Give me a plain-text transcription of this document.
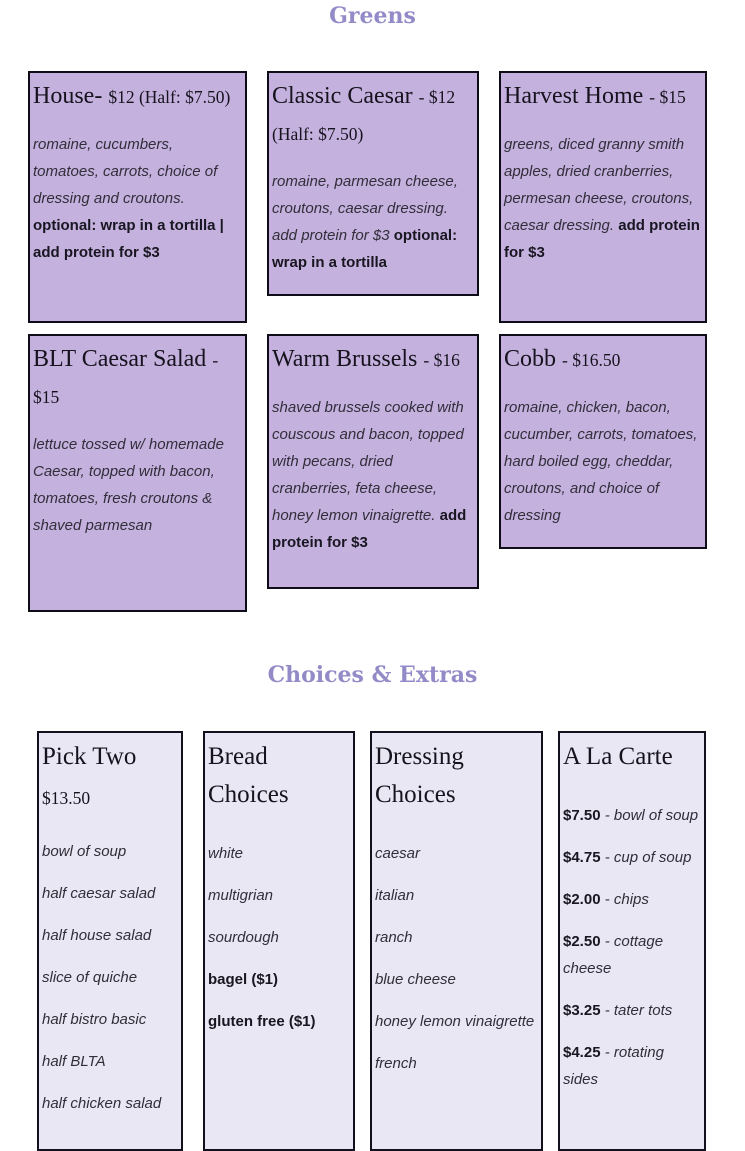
Greens
House- $12 (Half: $7.50)

romaine, cucumbers, tomatoes, carrots, choice of dressing and croutons. optional: wrap in a tortilla | add protein for $3

Classic Caesar - $12 (Half: $7.50)

romaine, parmesan cheese, croutons, caesar dressing. add protein for $3 optional: wrap in a tortilla

Harvest Home - $15

greens, diced granny smith apples, dried cranberries, permesan cheese, croutons, caesar dressing. add protein for $3

BLT Caesar Salad - $15

lettuce tossed w/ homemade Caesar, topped with bacon, tomatoes, fresh croutons & shaved parmesan

Warm Brussels - $16

shaved brussels cooked with couscous and bacon, topped with pecans, dried cranberries, feta cheese, honey lemon vinaigrette. add protein for $3

Cobb - $16.50

romaine, chicken, bacon, cucumber, carrots, tomatoes, hard boiled egg, cheddar, croutons, and choice of dressing

Choices & Extras
Pick Two
$13.50
bowl of soup
half caesar salad
half house salad
slice of quiche
half bistro basic
half BLTA
half chicken salad
Bread Choices
white
multigrian
sourdough
bagel ($1)
gluten free ($1)
Dressing Choices
caesar
italian
ranch
blue cheese
honey lemon vinaigrette
french
A La Carte
$7.50 - bowl of soup
$4.75 - cup of soup
$2.00 - chips
$2.50 - cottage cheese
$3.25 - tater tots
$4.25 - rotating sides
